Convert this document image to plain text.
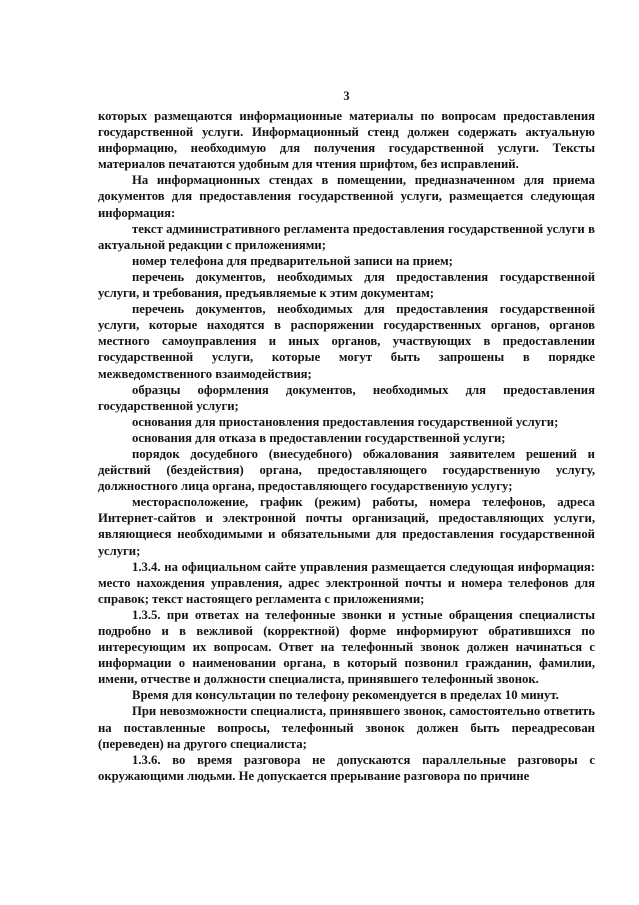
3

которых размещаются информационные материалы по вопросам предоставления государственной услуги. Информационный стенд должен содержать актуальную информацию, необходимую для получения государственной услуги. Тексты материалов печатаются удобным для чтения шрифтом, без исправлений.

На информационных стендах в помещении, предназначенном для приема документов для предоставления государственной услуги, размещается следующая информация:

текст административного регламента предоставления государственной услуги в актуальной редакции с приложениями;

номер телефона для предварительной записи на прием;

перечень документов, необходимых для предоставления государственной услуги, и требования, предъявляемые к этим документам;

перечень документов, необходимых для предоставления государственной услуги, которые находятся в распоряжении государственных органов, органов местного самоуправления и иных органов, участвующих в предоставлении государственной услуги, которые могут быть запрошены в порядке межведомственного взаимодействия;

образцы оформления документов, необходимых для предоставления государственной услуги;

основания для приостановления предоставления государственной услуги;

основания для отказа в предоставлении государственной услуги;

порядок досудебного (внесудебного) обжалования заявителем решений и действий (бездействия) органа, предоставляющего государственную услугу, должностного лица органа, предоставляющего государственную услугу;

месторасположение, график (режим) работы, номера телефонов, адреса Интернет-сайтов и электронной почты организаций, предоставляющих услуги, являющиеся необходимыми и обязательными для предоставления государственной услуги;

1.3.4. на официальном сайте управления размещается следующая информация: место нахождения управления, адрес электронной почты и номера телефонов для справок; текст настоящего регламента с приложениями;

1.3.5. при ответах на телефонные звонки и устные обращения специалисты подробно и в вежливой (корректной) форме информируют обратившихся по интересующим их вопросам. Ответ на телефонный звонок должен начинаться с информации о наименовании органа, в который позвонил гражданин, фамилии, имени, отчестве и должности специалиста, принявшего телефонный звонок.

Время для консультации по телефону рекомендуется в пределах 10 минут.

При невозможности специалиста, принявшего звонок, самостоятельно ответить на поставленные вопросы, телефонный звонок должен быть переадресован (переведен) на другого специалиста;

1.3.6. во время разговора не допускаются параллельные разговоры с окружающими людьми. Не допускается прерывание разговора по причине
